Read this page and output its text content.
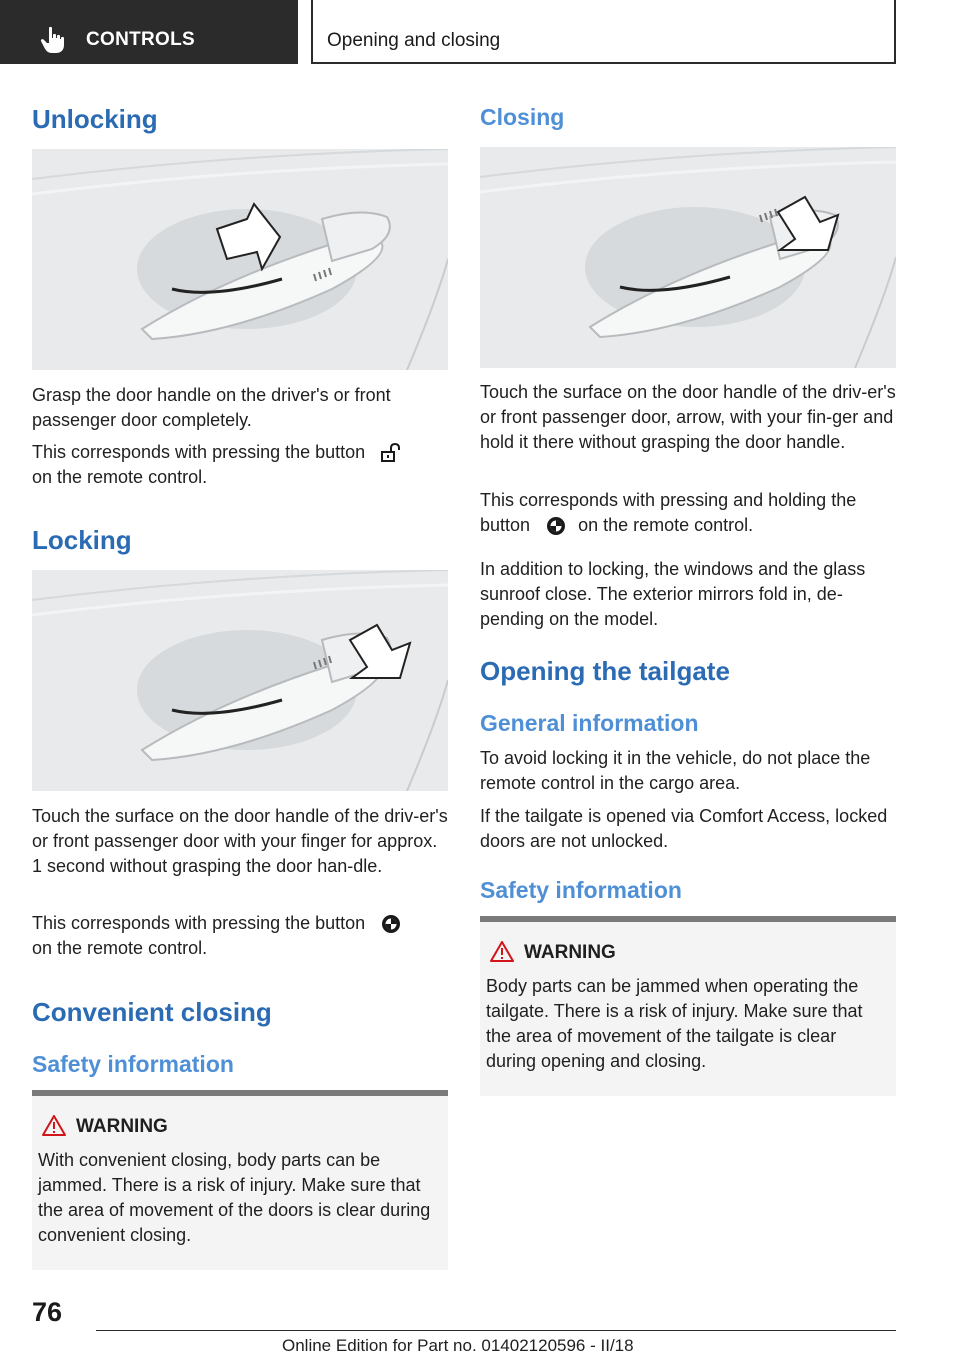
CONTROLS	Opening and closing
Unlocking
Grasp the door handle on the driver's or front passenger door completely.
This corresponds with pressing the button
on the remote control.
Locking
Touch the surface on the door handle of the driv‐er's or front passenger door with your finger for approx. 1 second without grasping the door han‐dle.
This corresponds with pressing the button
on the remote control.
Convenient closing
Safety information
WARNING
With convenient closing, body parts can be jammed. There is a risk of injury. Make sure that the area of movement of the doors is clear during convenient closing.
Closing
Touch the surface on the door handle of the driv‐er's or front passenger door, arrow, with your fin‐ger and hold it there without grasping the door handle.
This corresponds with pressing and holding the button	on the remote control.
In addition to locking, the windows and the glass sunroof close. The exterior mirrors fold in, de‐pending on the model.
Opening the tailgate
General information
To avoid locking it in the vehicle, do not place the remote control in the cargo area.
If the tailgate is opened via Comfort Access, locked doors are not unlocked.
Safety information
WARNING
Body parts can be jammed when operating the tailgate. There is a risk of injury. Make sure that the area of movement of the tailgate is clear during opening and closing.
76
Online Edition for Part no. 01402120596 - II/18
